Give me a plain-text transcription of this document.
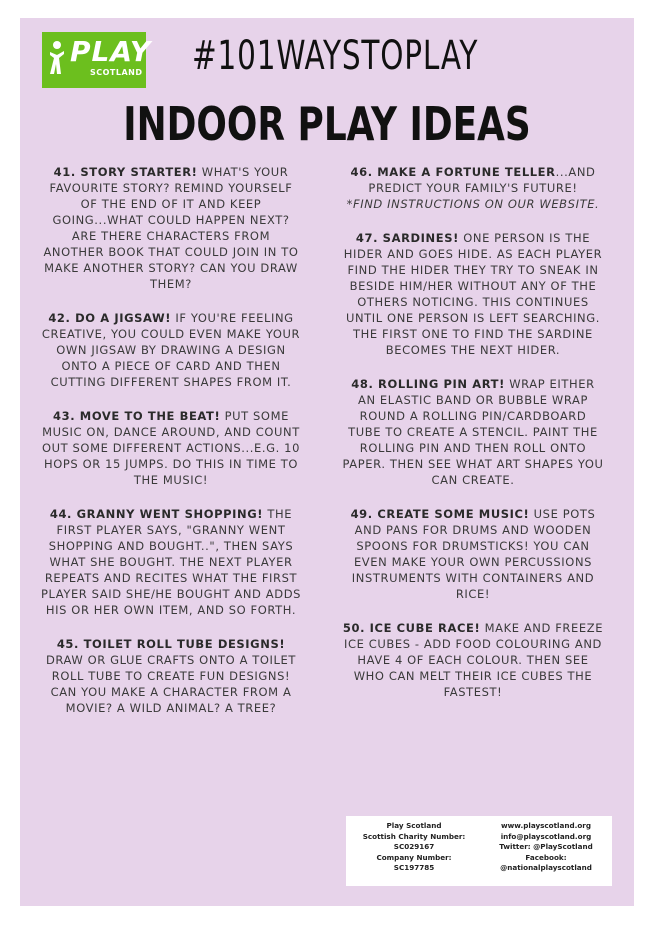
PLAY
SCOTLAND #101WAYSTOPLAY
INDOOR PLAY IDEAS

41. STORY STARTER! WHAT'S YOUR FAVOURITE STORY? REMIND YOURSELF OF THE END OF IT AND KEEP GOING...WHAT COULD HAPPEN NEXT? ARE THERE CHARACTERS FROM ANOTHER BOOK THAT COULD JOIN IN TO MAKE ANOTHER STORY? CAN YOU DRAW THEM?

42. DO A JIGSAW! IF YOU'RE FEELING CREATIVE, YOU COULD EVEN MAKE YOUR OWN JIGSAW BY DRAWING A DESIGN ONTO A PIECE OF CARD AND THEN CUTTING DIFFERENT SHAPES FROM IT.

43. MOVE TO THE BEAT! PUT SOME MUSIC ON, DANCE AROUND, AND COUNT OUT SOME DIFFERENT ACTIONS...E.G. 10 HOPS OR 15 JUMPS. DO THIS IN TIME TO THE MUSIC!

44. GRANNY WENT SHOPPING! THE FIRST PLAYER SAYS, "GRANNY WENT SHOPPING AND BOUGHT..", THEN SAYS WHAT SHE BOUGHT. THE NEXT PLAYER REPEATS AND RECITES WHAT THE FIRST PLAYER SAID SHE/HE BOUGHT AND ADDS HIS OR HER OWN ITEM, AND SO FORTH.

45. TOILET ROLL TUBE DESIGNS! DRAW OR GLUE CRAFTS ONTO A TOILET ROLL TUBE TO CREATE FUN DESIGNS! CAN YOU MAKE A CHARACTER FROM A MOVIE? A WILD ANIMAL? A TREE?

46. MAKE A FORTUNE TELLER...AND PREDICT YOUR FAMILY'S FUTURE!
*FIND INSTRUCTIONS ON OUR WEBSITE.

47. SARDINES! ONE PERSON IS THE HIDER AND GOES HIDE. AS EACH PLAYER FIND THE HIDER THEY TRY TO SNEAK IN BESIDE HIM/HER WITHOUT ANY OF THE OTHERS NOTICING. THIS CONTINUES UNTIL ONE PERSON IS LEFT SEARCHING. THE FIRST ONE TO FIND THE SARDINE BECOMES THE NEXT HIDER.

48. ROLLING PIN ART! WRAP EITHER AN ELASTIC BAND OR BUBBLE WRAP ROUND A ROLLING PIN/CARDBOARD TUBE TO CREATE A STENCIL. PAINT THE ROLLING PIN AND THEN ROLL ONTO PAPER. THEN SEE WHAT ART SHAPES YOU CAN CREATE.

49. CREATE SOME MUSIC! USE POTS AND PANS FOR DRUMS AND WOODEN SPOONS FOR DRUMSTICKS! YOU CAN EVEN MAKE YOUR OWN PERCUSSIONS INSTRUMENTS WITH CONTAINERS AND RICE!

50. ICE CUBE RACE! MAKE AND FREEZE ICE CUBES - ADD FOOD COLOURING AND HAVE 4 OF EACH COLOUR. THEN SEE WHO CAN MELT THEIR ICE CUBES THE FASTEST!

Play Scotland
Scottish Charity Number:
SC029167
Company Number:
SC197785
www.playscotland.org
info@playscotland.org
Twitter: @PlayScotland
Facebook:
@nationalplayscotland
